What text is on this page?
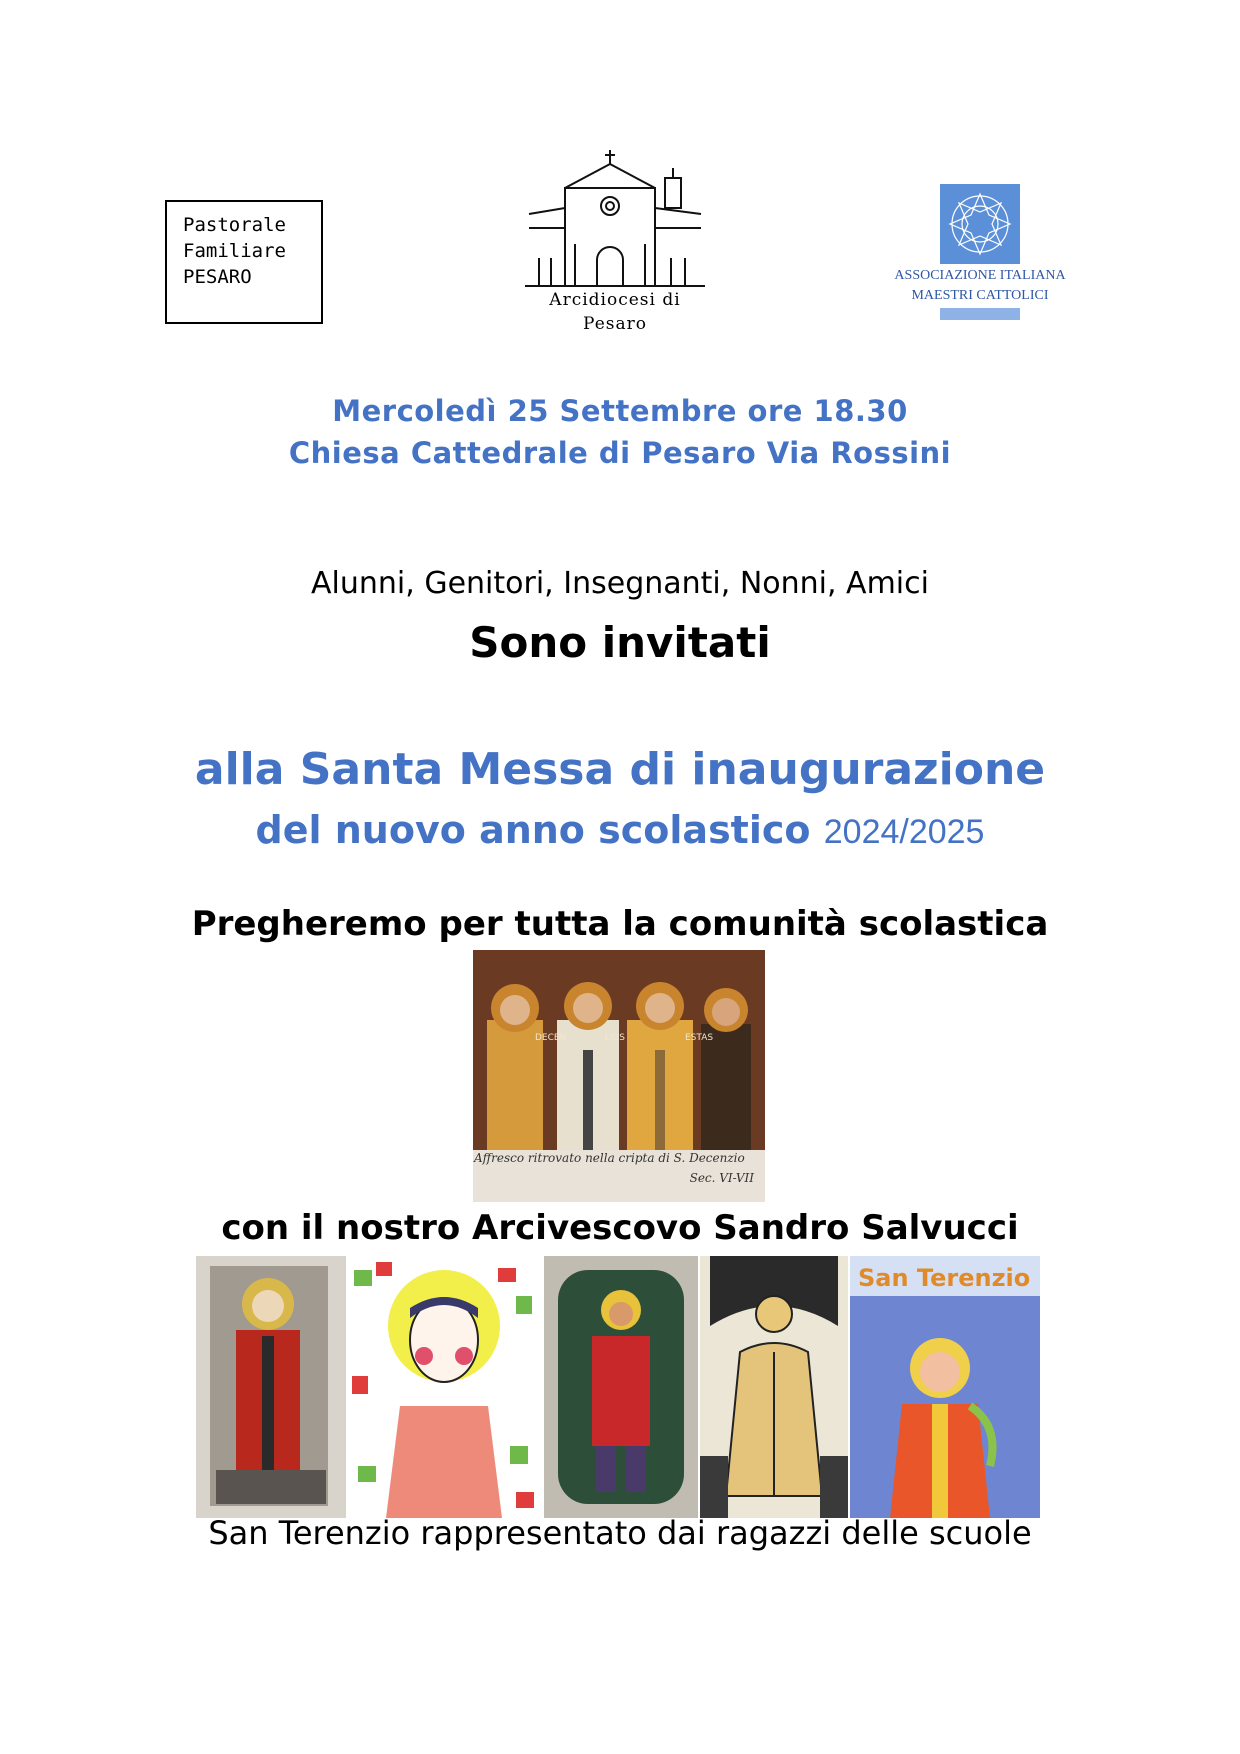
Pastorale
Familiare
PESARO
Arcidiocesi di
Pesaro
ASSOCIAZIONE ITALIANA
MAESTRI CATTOLICI
Mercoledì 25 Settembre ore 18.30
Chiesa Cattedrale di Pesaro Via Rossini
Alunni, Genitori, Insegnanti, Nonni, Amici
Sono invitati
alla Santa Messa di inaugurazione
del nuovo anno scolastico 2024/2025
Pregheremo per tutta la comunità scolastica
DECEN	LIUS	ESTAS
Affresco ritrovato nella cripta di S. Decenzio
Sec. VI-VII
con il nostro Arcivescovo Sandro Salvucci
San Terenzio
San Terenzio rappresentato dai ragazzi delle scuole
